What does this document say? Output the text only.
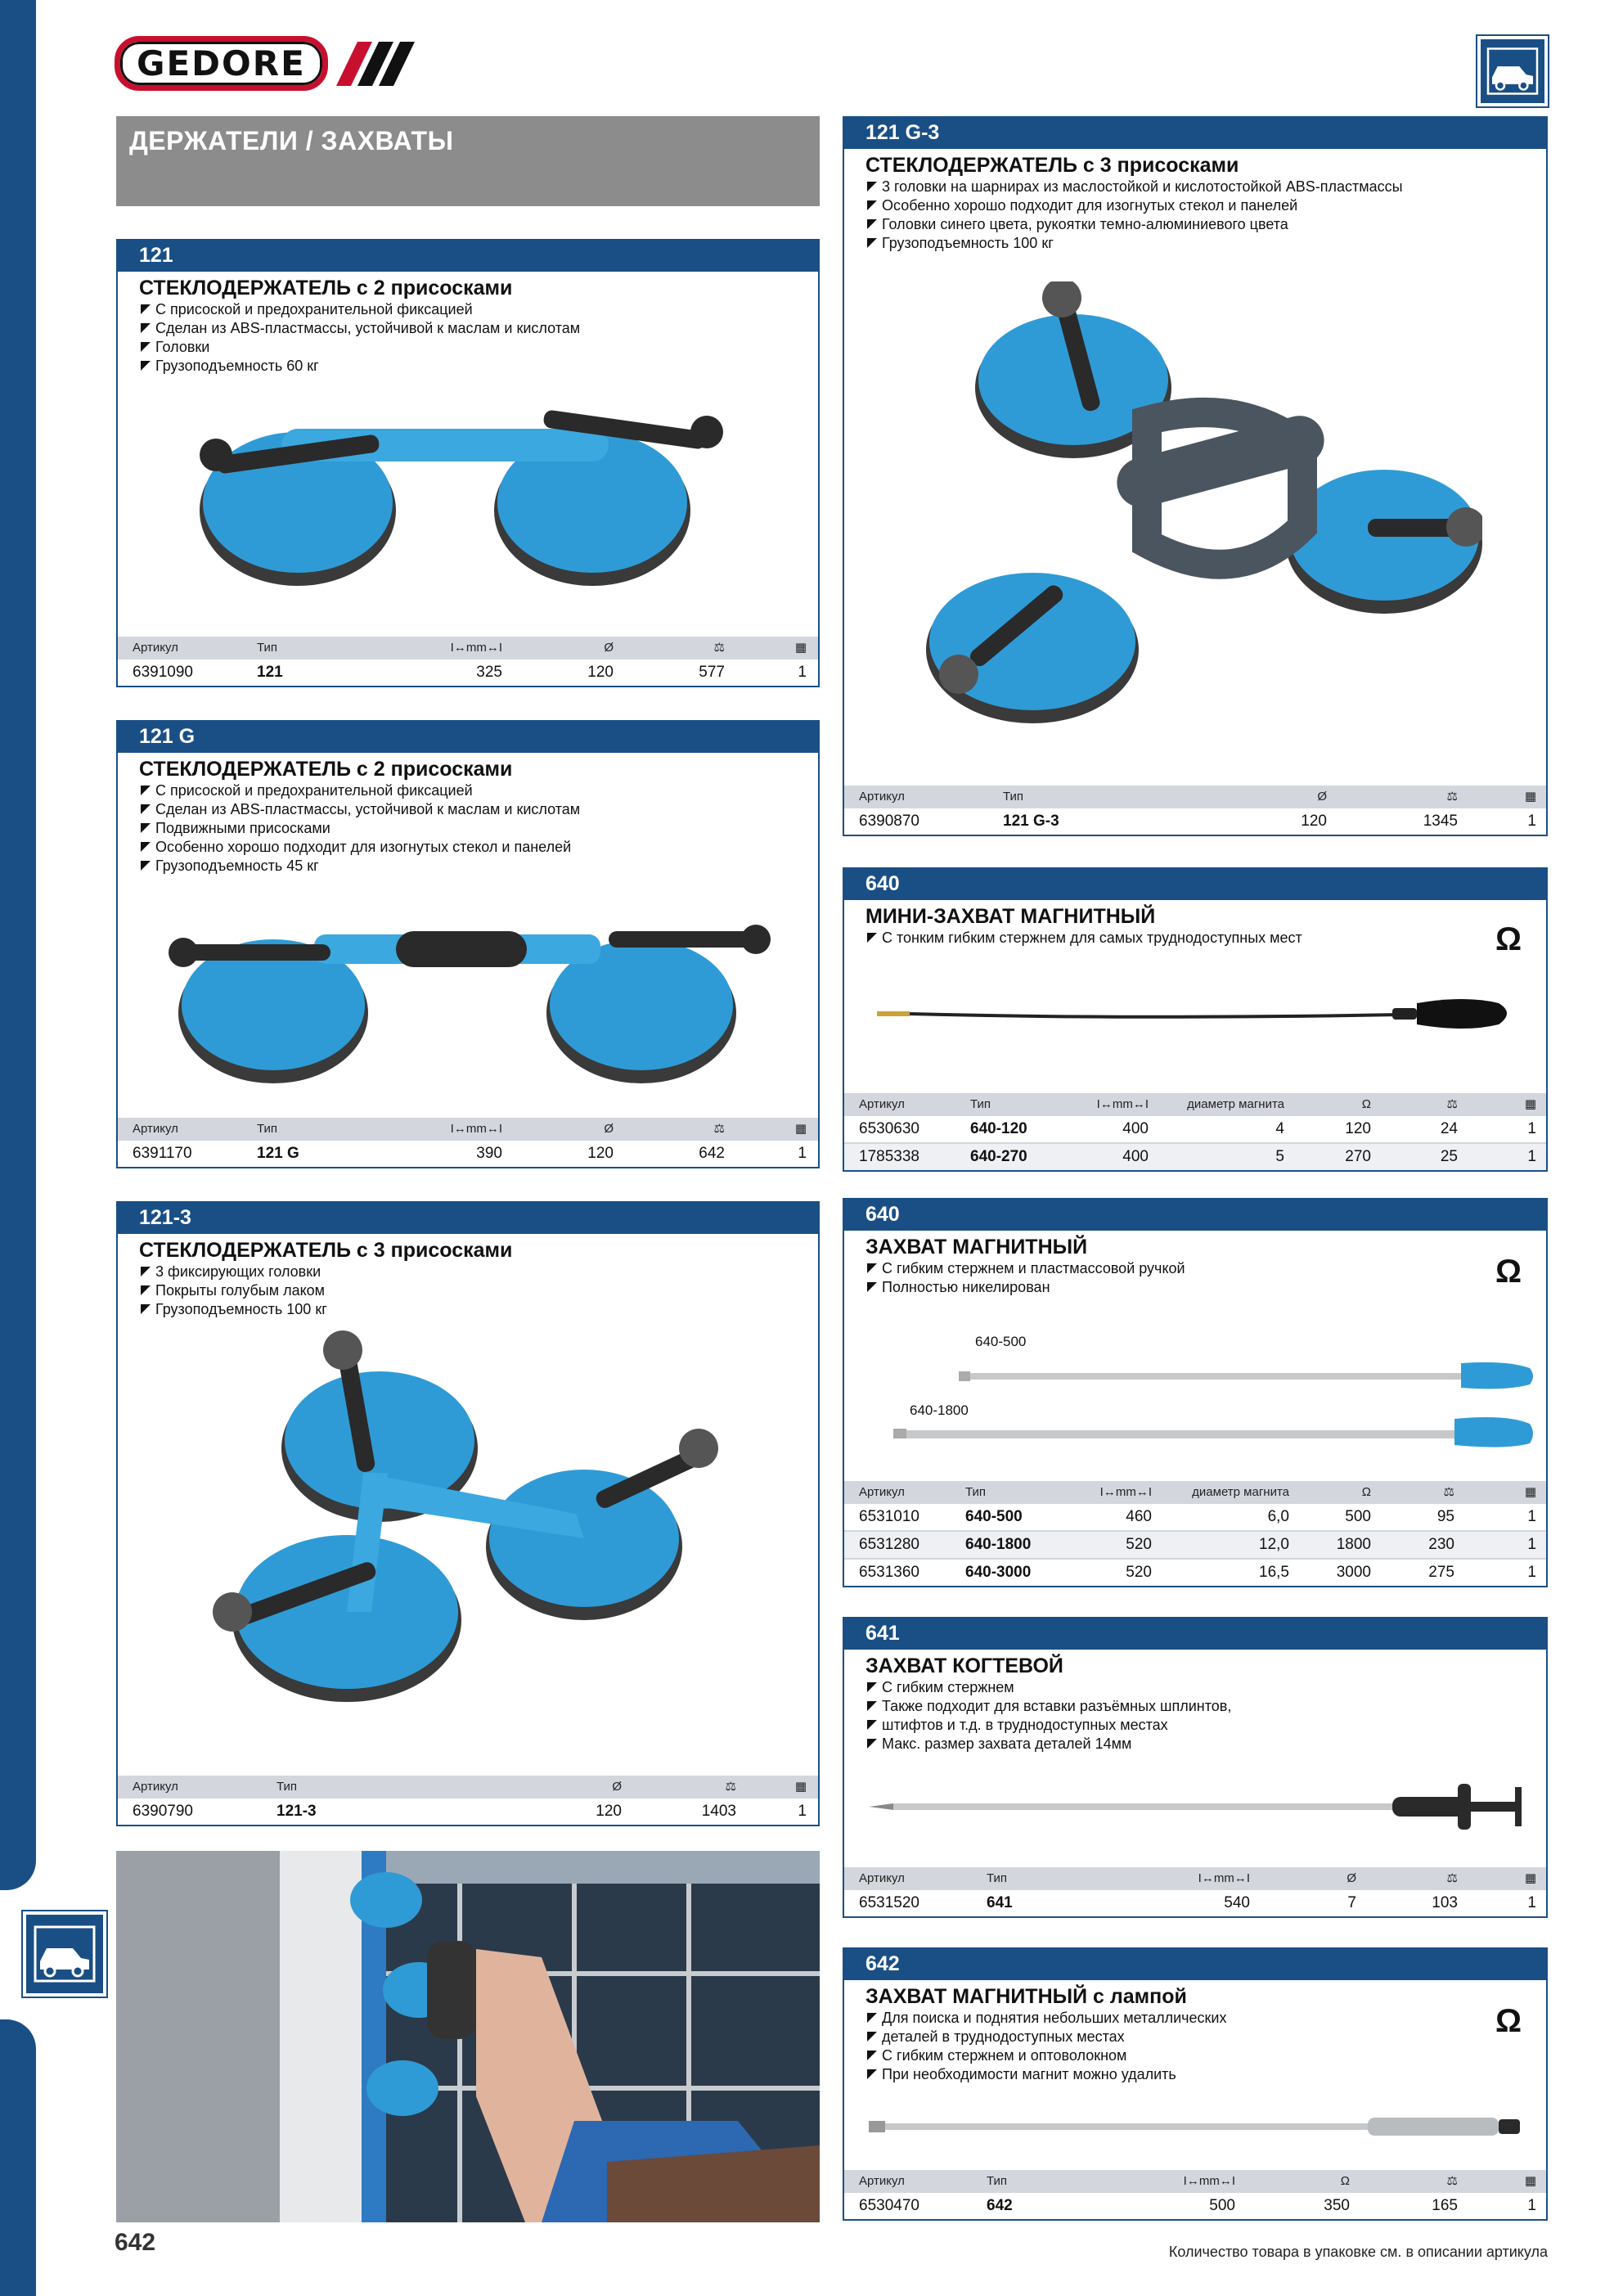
GEDORE
ДЕРЖАТЕЛИ / ЗАХВАТЫ
121
СТЕКЛОДЕРЖАТЕЛЬ с 2 присосками
С присоской и предохранительной фиксацией
Сделан из ABS-пластмассы, устойчивой к маслам и кислотам
Головки
Грузоподъемность 60 кг
Артикул	Тип	I↔mm↔I	Ø	⚖	▦
6391090	121	325	120	577	1
121 G
СТЕКЛОДЕРЖАТЕЛЬ с 2 присосками
С присоской и предохранительной фиксацией
Сделан из ABS-пластмассы, устойчивой к маслам и кислотам
Подвижными присосками
Особенно хорошо подходит для изогнутых стекол и панелей
Грузоподъемность 45 кг
Артикул	Тип	I↔mm↔I	Ø	⚖	▦
6391170	121 G	390	120	642	1
121-3
СТЕКЛОДЕРЖАТЕЛЬ с 3 присосками
3 фиксирующих головки
Покрыты голубым лаком
Грузоподъемность 100 кг
Артикул	Тип	Ø	⚖	▦
6390790	121-3	120	1403	1
121 G-3
СТЕКЛОДЕРЖАТЕЛЬ с 3 присосками
3 головки на шарнирах из маслостойкой и кислотостойкой ABS-пластмассы
Особенно хорошо подходит для изогнутых стекол и панелей
Головки синего цвета, рукоятки темно-алюминиевого цвета
Грузоподъемность 100 кг
Артикул	Тип	Ø	⚖	▦
6390870	121 G-3	120	1345	1
640
МИНИ-ЗАХВАТ МАГНИТНЫЙ
С тонким гибким стержнем для самых труднодоступных мест	Ω
Артикул	Тип	I↔mm↔I	диаметр магнита	Ω	⚖	▦
6530630	640-120	400	4	120	24	1
1785338	640-270	400	5	270	25	1
640
ЗАХВАТ МАГНИТНЫЙ
С гибким стержнем и пластмассовой ручкой
Полностью никелирован	Ω
640-500
640-1800
Артикул	Тип	I↔mm↔I	диаметр магнита	Ω	⚖	▦
6531010	640-500	460	6,0	500	95	1
6531280	640-1800	520	12,0	1800	230	1
6531360	640-3000	520	16,5	3000	275	1
641
ЗАХВАТ КОГТЕВОЙ
С гибким стержнем
Также подходит для вставки разъёмных шплинтов,
штифтов и т.д. в труднодоступных местах
Макс. размер захвата деталей 14мм
Артикул	Тип	I↔mm↔I	Ø	⚖	▦
6531520	641	540	7	103	1
642
ЗАХВАТ МАГНИТНЫЙ с лампой
Для поиска и поднятия небольших металлических
деталей в труднодоступных местах
С гибким стержнем и оптоволокном
При необходимости магнит можно удалить
Ω
Артикул	Тип	I↔mm↔I	Ω	⚖	▦
6530470	642	500	350	165	1
642	Количество товара в упаковке см. в описании артикула
